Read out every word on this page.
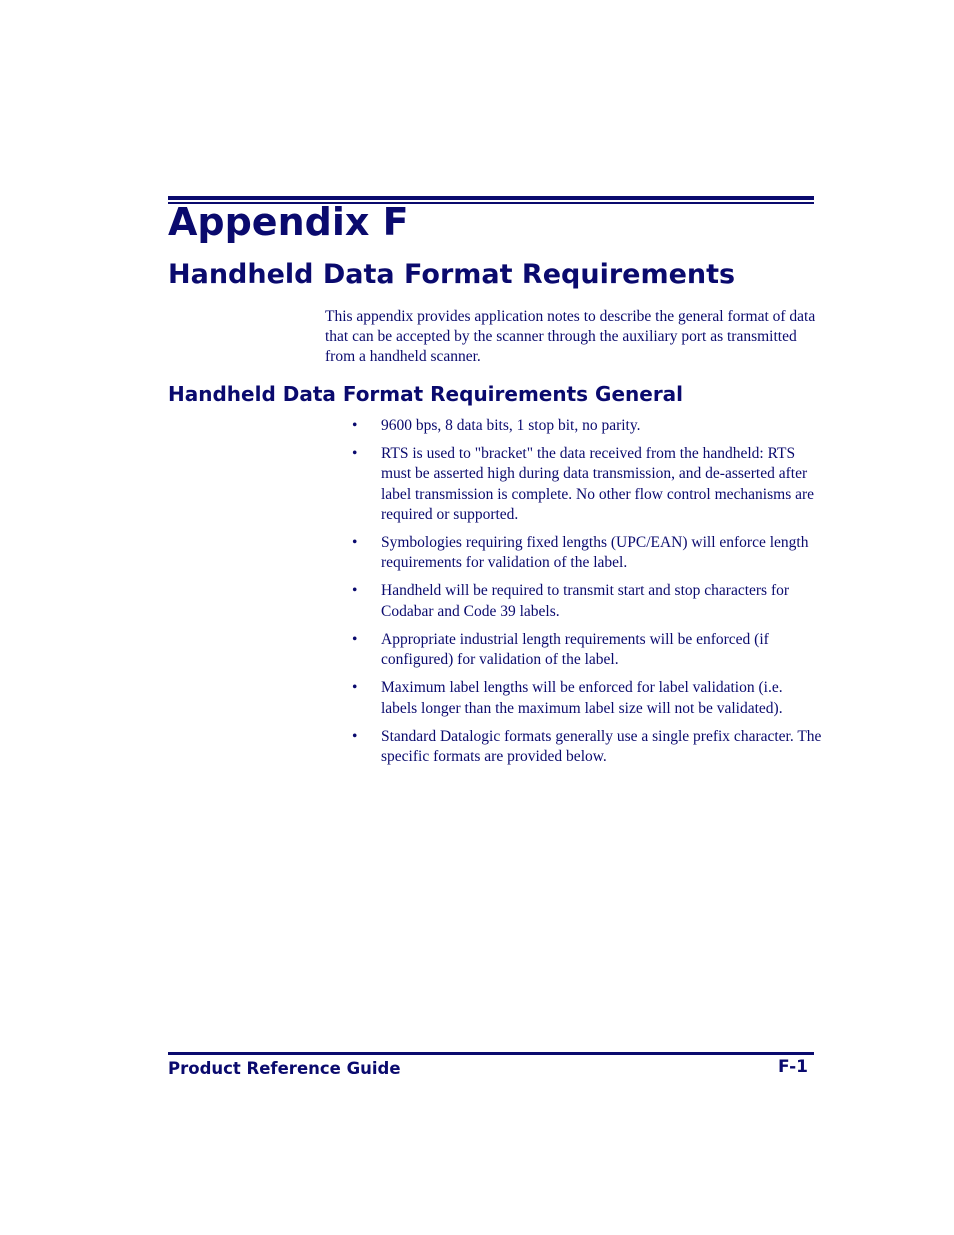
Appendix F
Handheld Data Format Requirements

This appendix provides application notes to describe the general format of data that can be accepted by the scanner through the auxiliary port as transmitted from a handheld scanner.

Handheld Data Format Requirements General
• 9600 bps, 8 data bits, 1 stop bit, no parity.
• RTS is used to "bracket" the data received from the handheld: RTS must be asserted high during data transmission, and de-asserted after label transmission is complete. No other flow control mechanisms are required or supported.
• Symbologies requiring fixed lengths (UPC/EAN) will enforce length requirements for validation of the label.
• Handheld will be required to transmit start and stop characters for Codabar and Code 39 labels.
• Appropriate industrial length requirements will be enforced (if configured) for validation of the label.
• Maximum label lengths will be enforced for label validation (i.e. labels longer than the maximum label size will not be validated).
• Standard Datalogic formats generally use a single prefix character. The specific formats are provided below.
Product Reference Guide	F-1
